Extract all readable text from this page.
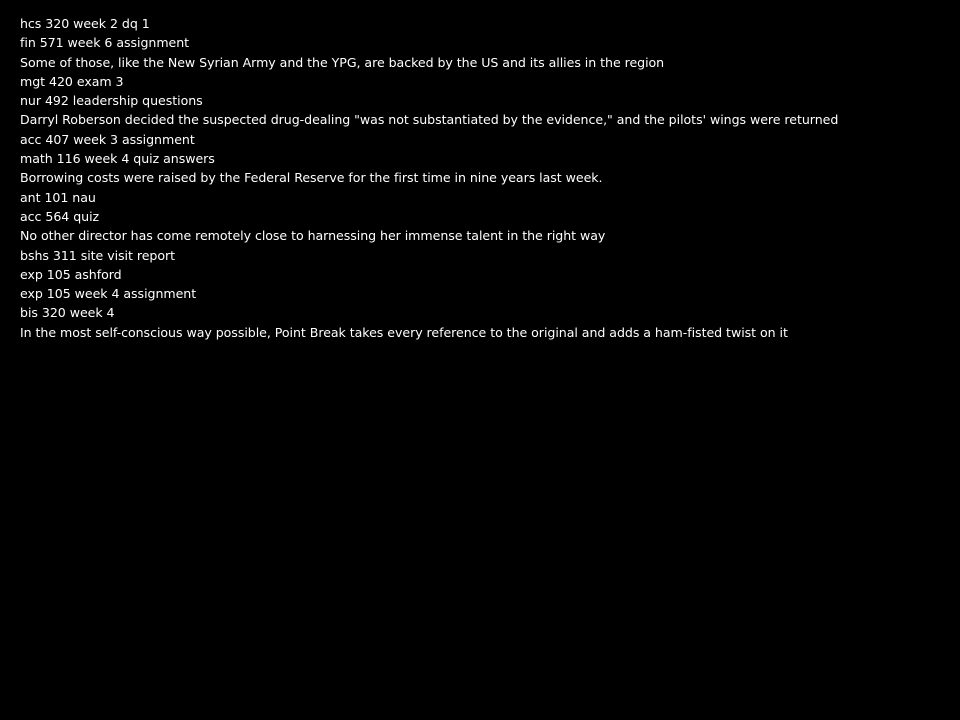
hcs 320 week 2 dq 1
fin 571 week 6 assignment
Some of those, like the New Syrian Army and the YPG, are backed by the US and its allies in the region
mgt 420 exam 3
nur 492 leadership questions
Darryl Roberson decided the suspected drug-dealing "was not substantiated by the evidence," and the pilots' wings were returned
acc 407 week 3 assignment
math 116 week 4 quiz answers
Borrowing costs were raised by the Federal Reserve for the first time in nine years last week.
ant 101 nau
acc 564 quiz
No other director has come remotely close to harnessing her immense talent in the right way
bshs 311 site visit report
exp 105 ashford
exp 105 week 4 assignment
bis 320 week 4
In the most self-conscious way possible, Point Break takes every reference to the original and adds a ham-fisted twist on it
